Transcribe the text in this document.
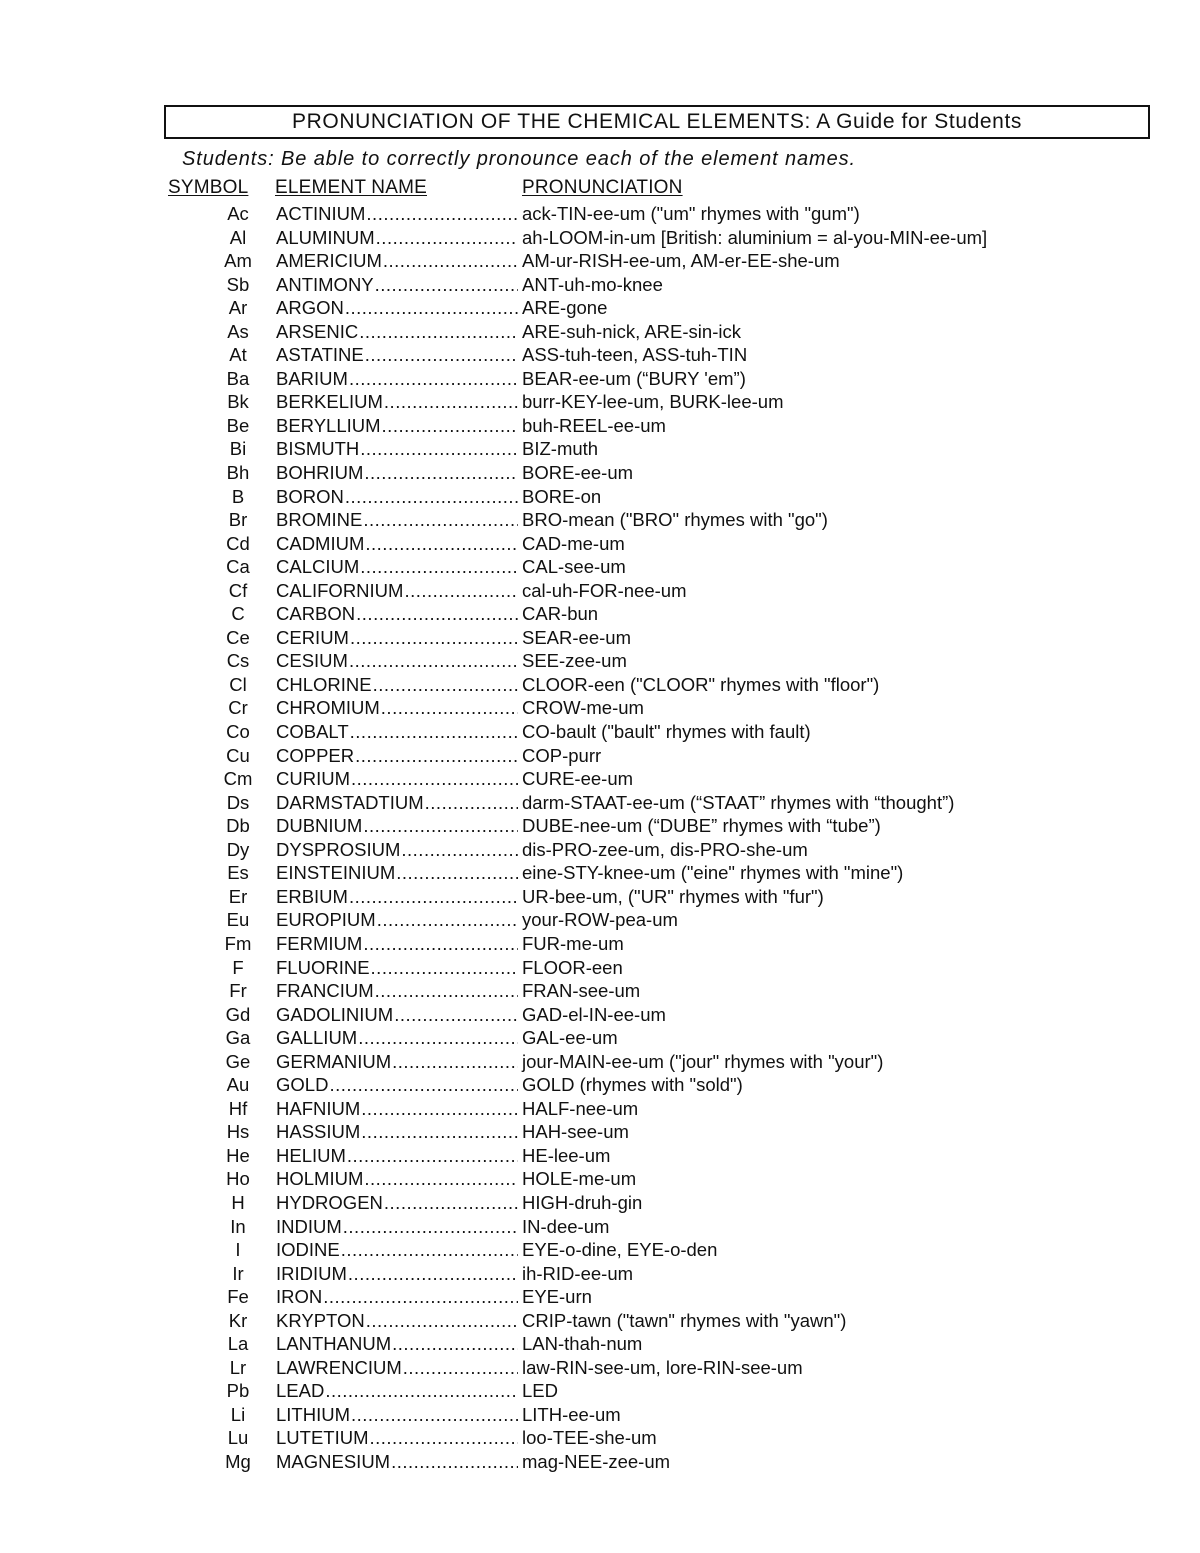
PRONUNCIATION OF THE CHEMICAL ELEMENTS: A Guide for Students
Students: Be able to correctly pronounce each of the element names.
SYMBOL ELEMENT NAME	PRONUNCIATION
Ac	ACTINIUM .....	ack-TIN-ee-um ("um" rhymes with "gum")
Al	ALUMINUM .....	ah-LOOM-in-um [British: aluminium = al-you-MIN-ee-um]
Am	AMERICIUM .....	AM-ur-RISH-ee-um, AM-er-EE-she-um
Sb	ANTIMONY .....	ANT-uh-mo-knee
Ar	ARGON .....	ARE-gone
As	ARSENIC .....	ARE-suh-nick, ARE-sin-ick
At	ASTATINE .....	ASS-tuh-teen, ASS-tuh-TIN
Ba	BARIUM .....	BEAR-ee-um (“BURY 'em”)
Bk	BERKELIUM .....	burr-KEY-lee-um, BURK-lee-um
Be	BERYLLIUM .....	buh-REEL-ee-um
Bi	BISMUTH .....	BIZ-muth
Bh	BOHRIUM .....	BORE-ee-um
B	BORON .....	BORE-on
Br	BROMINE .....	BRO-mean ("BRO" rhymes with "go")
Cd	CADMIUM .....	CAD-me-um
Ca	CALCIUM .....	CAL-see-um
Cf	CALIFORNIUM .....	cal-uh-FOR-nee-um
C	CARBON .....	CAR-bun
Ce	CERIUM .....	SEAR-ee-um
Cs	CESIUM .....	SEE-zee-um
Cl	CHLORINE .....	CLOOR-een ("CLOOR" rhymes with "floor")
Cr	CHROMIUM .....	CROW-me-um
Co	COBALT .....	CO-bault ("bault" rhymes with fault)
Cu	COPPER .....	COP-purr
Cm	CURIUM .....	CURE-ee-um
Ds	DARMSTADTIUM .....	darm-STAAT-ee-um (“STAAT” rhymes with “thought”)
Db	DUBNIUM .....	DUBE-nee-um (“DUBE” rhymes with “tube”)
Dy	DYSPROSIUM .....	dis-PRO-zee-um, dis-PRO-she-um
Es	EINSTEINIUM .....	eine-STY-knee-um ("eine" rhymes with "mine")
Er	ERBIUM .....	UR-bee-um, ("UR" rhymes with "fur")
Eu	EUROPIUM .....	your-ROW-pea-um
Fm	FERMIUM .....	FUR-me-um
F	FLUORINE .....	FLOOR-een
Fr	FRANCIUM .....	FRAN-see-um
Gd	GADOLINIUM .....	GAD-el-IN-ee-um
Ga	GALLIUM .....	GAL-ee-um
Ge	GERMANIUM .....	jour-MAIN-ee-um ("jour" rhymes with "your")
Au	GOLD .....	GOLD (rhymes with "sold")
Hf	HAFNIUM .....	HALF-nee-um
Hs	HASSIUM .....	HAH-see-um
He	HELIUM .....	HE-lee-um
Ho	HOLMIUM .....	HOLE-me-um
H	HYDROGEN .....	HIGH-druh-gin
In	INDIUM .....	IN-dee-um
I	IODINE .....	EYE-o-dine, EYE-o-den
Ir	IRIDIUM .....	ih-RID-ee-um
Fe	IRON .....	EYE-urn
Kr	KRYPTON .....	CRIP-tawn ("tawn" rhymes with "yawn")
La	LANTHANUM .....	LAN-thah-num
Lr	LAWRENCIUM .....	law-RIN-see-um, lore-RIN-see-um
Pb	LEAD .....	LED
Li	LITHIUM .....	LITH-ee-um
Lu	LUTETIUM .....	loo-TEE-she-um
Mg	MAGNESIUM .....	mag-NEE-zee-um
